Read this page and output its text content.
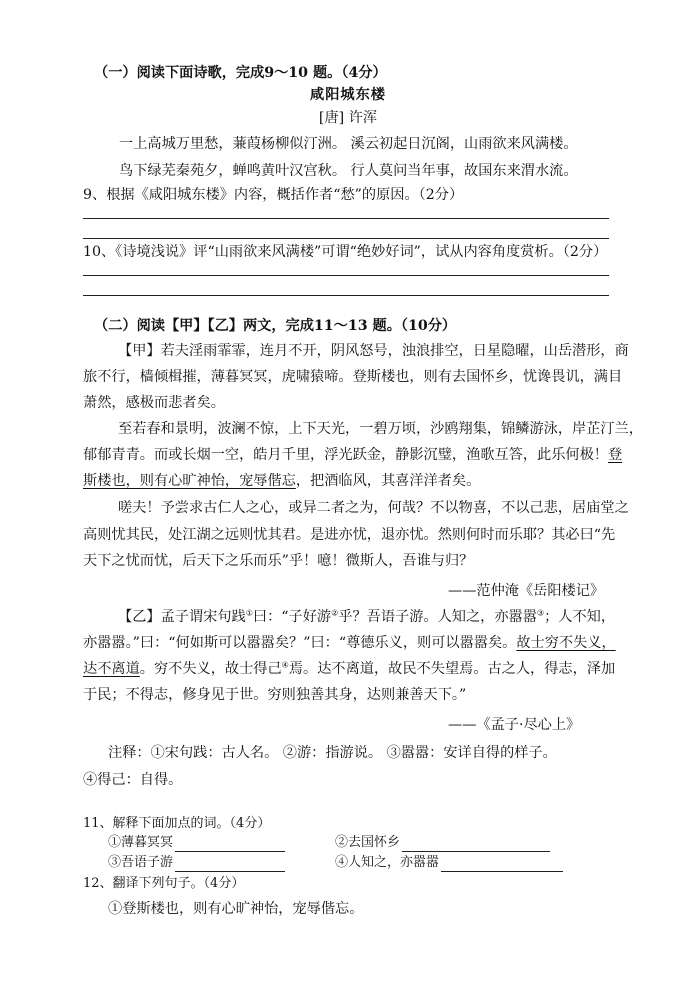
（一）阅读下面诗歌，完成9～10 题。（4分）
咸阳城东楼
[唐] 许浑
一上高城万里愁，蒹葭杨柳似汀洲。 溪云初起日沉阁，山雨欲来风满楼。
鸟下绿芜秦苑夕，蝉鸣黄叶汉宫秋。 行人莫问当年事，故国东来渭水流。
9、根据《咸阳城东楼》内容，概括作者“愁”的原因。（2分）
10、《诗境浅说》评“山雨欲来风满楼”可谓“绝妙好词”，试从内容角度赏析。（2分）
（二）阅读【甲】【乙】两文，完成11～13 题。（10分）
【甲】若夫淫雨霏霏，连月不开，阴风怒号，浊浪排空，日星隐曜，山岳潜形，商
旅不行，樯倾楫摧，薄暮冥冥，虎啸猿啼。登斯楼也，则有去国怀乡，忧谗畏讥，满目
萧然，感极而悲者矣。
至若春和景明，波澜不惊，上下天光，一碧万顷，沙鸥翔集，锦鳞游泳，岸芷汀兰，
郁郁青青。而或长烟一空，皓月千里，浮光跃金，静影沉璧，渔歌互答，此乐何极！登
斯楼也，则有心旷神怡，宠辱偕忘，把酒临风，其喜洋洋者矣。
嗟夫！予尝求古仁人之心，或异二者之为，何哉？不以物喜，不以己悲，居庙堂之
高则忧其民，处江湖之远则忧其君。是进亦忧，退亦忧。然则何时而乐耶？其必曰“先
天下之忧而忧，后天下之乐而乐”乎！噫！微斯人，吾谁与归？
——范仲淹《岳阳楼记》
【乙】孟子谓宋句践①曰：“子好游②乎？吾语子游。人知之，亦嚣嚣③；人不知，
亦嚣嚣。”曰：“何如斯可以嚣嚣矣？”曰：“尊德乐义，则可以嚣嚣矣。故士穷不失义，
达不离道。穷不失义，故士得己④焉。达不离道，故民不失望焉。古之人，得志，泽加
于民；不得志，修身见于世。穷则独善其身，达则兼善天下。”
——《孟子·尽心上》
注释：①宋句践：古人名。 ②游：指游说。 ③嚣嚣：安详自得的样子。
④得己：自得。
11、解释下面加点的词。（4分）
①薄暮冥冥	②去国怀乡
③吾语子游	④人知之，亦嚣嚣
12、翻译下列句子。（4分）
①登斯楼也，则有心旷神怡，宠辱偕忘。
